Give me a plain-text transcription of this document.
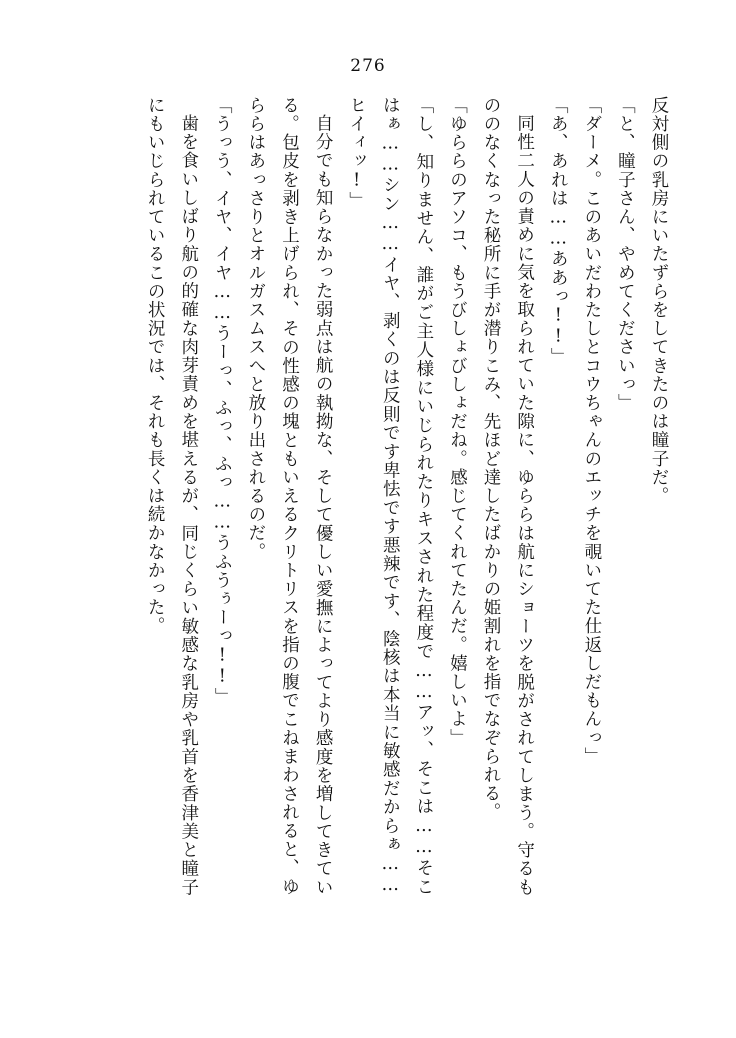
276

反対側の乳房にいたずらをしてきたのは瞳子だ。

「と、瞳子さん、やめてくださいっ」

「ダーメ。このあいだわたしとコウちゃんのエッチを覗いてた仕返しだもんっ」

「あ、あれは……ああっ!!」

同性二人の責めに気を取られていた隙に、ゆららは航にショーツを脱がされてしまう。守るもののなくなった秘所に手が潜りこみ、先ほど達したばかりの姫割れを指でなぞられる。

「ゆららのアソコ、もうびしょびしょだね。感じてくれてたんだ。嬉しいよ」

「し、知りません、誰がご主人様にいじられたりキスされた程度で……アッ、そこは……そこはぁ……シン……イヤ、剥くのは反則です卑怯です悪辣です、陰核は本当に敏感だからぁ……ヒイィッ!」

自分でも知らなかった弱点は航の執拗な、そして優しい愛撫によってより感度を増してきている。包皮を剥き上げられ、その性感の塊ともいえるクリトリスを指の腹でこねまわされると、ゆららはあっさりとオルガスムスへと放り出されるのだ。

「うっう、イヤ、イヤ……うーっ、ふっ、ふっ……うふうぅーっ!!」

歯を食いしばり航の的確な肉芽責めを堪えるが、同じくらい敏感な乳房や乳首を香津美と瞳子にもいじられているこの状況では、それも長くは続かなかった。
